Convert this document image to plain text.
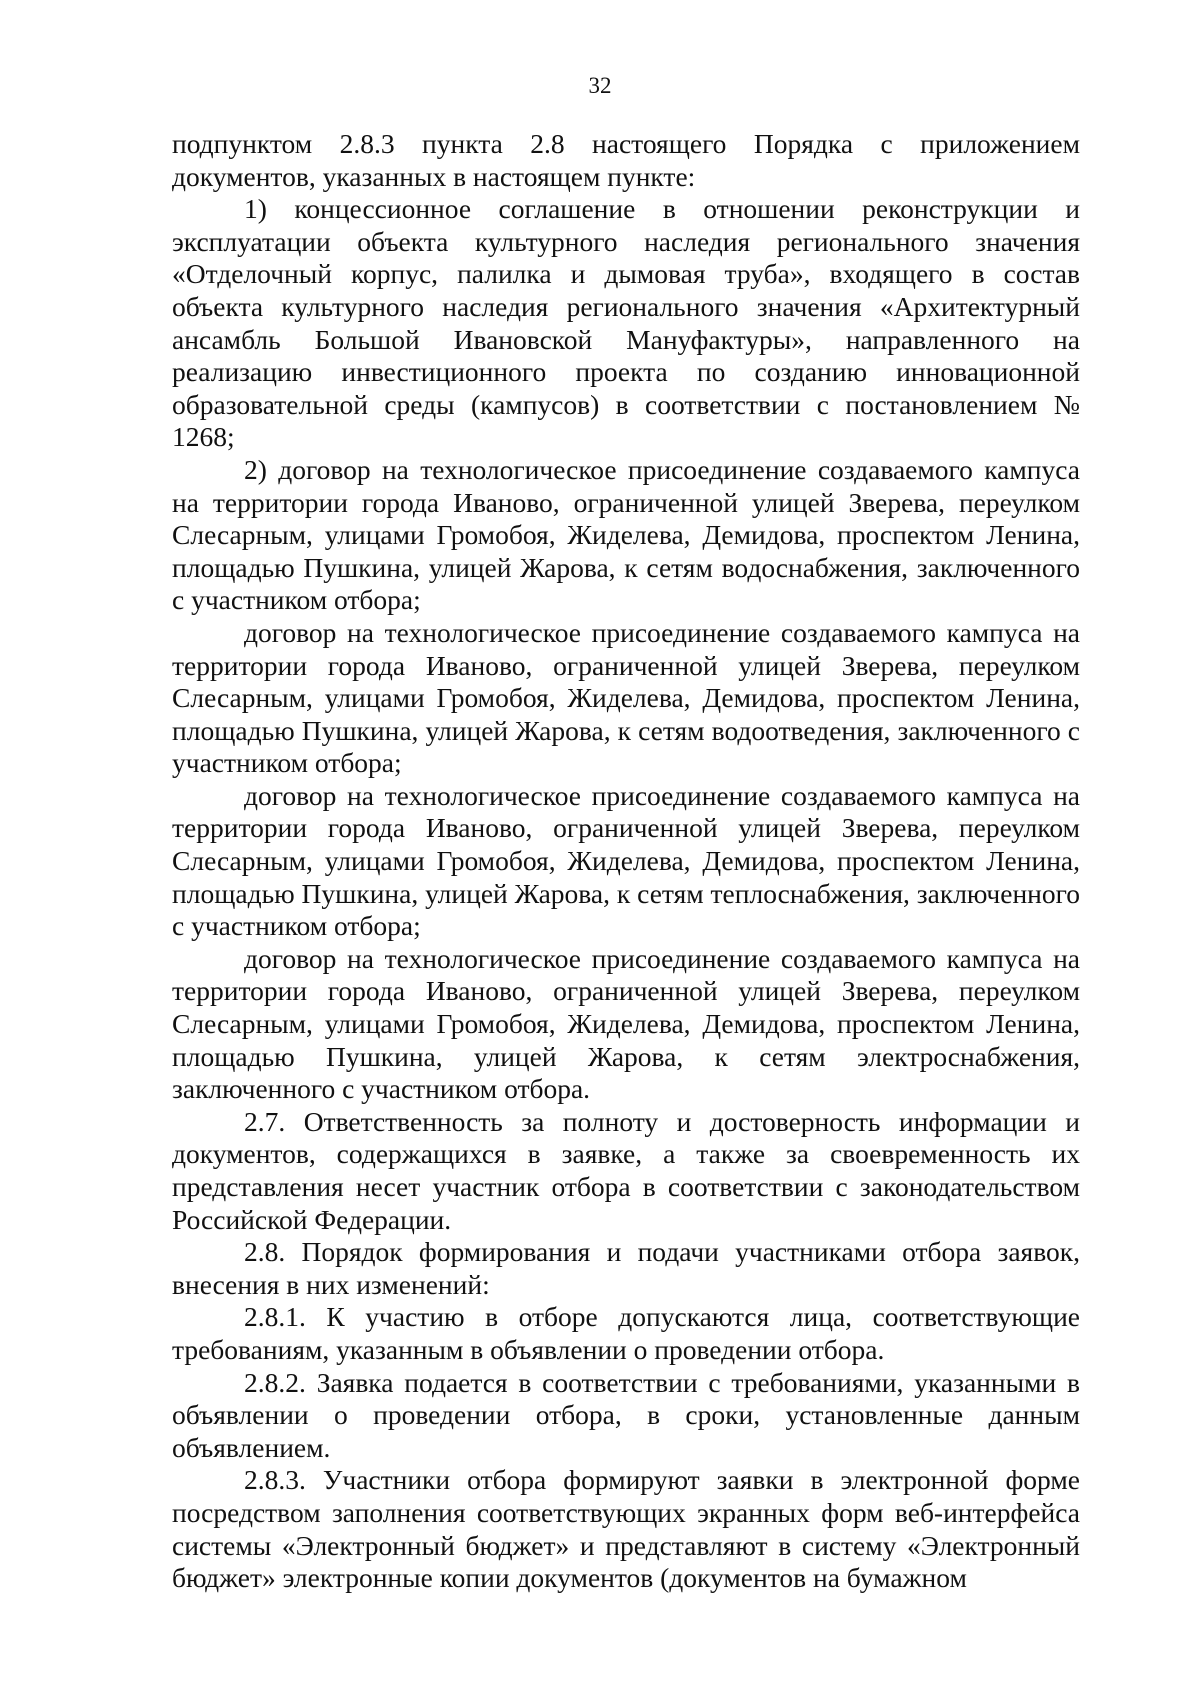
32

подпунктом 2.8.3 пункта 2.8 настоящего Порядка с приложением документов, указанных в настоящем пункте:

1) концессионное соглашение в отношении реконструкции и эксплуатации объекта культурного наследия регионального значения «Отделочный корпус, палилка и дымовая труба», входящего в состав объекта культурного наследия регионального значения «Архитектурный ансамбль Большой Ивановской Мануфактуры», направленного на реализацию инвестиционного проекта по созданию инновационной образовательной среды (кампусов) в соответствии с постановлением № 1268;

2) договор на технологическое присоединение создаваемого кампуса на территории города Иваново, ограниченной улицей Зверева, переулком Слесарным, улицами Громобоя, Жиделева, Демидова, проспектом Ленина, площадью Пушкина, улицей Жарова, к сетям водоснабжения, заключенного с участником отбора;

договор на технологическое присоединение создаваемого кампуса на территории города Иваново, ограниченной улицей Зверева, переулком Слесарным, улицами Громобоя, Жиделева, Демидова, проспектом Ленина, площадью Пушкина, улицей Жарова, к сетям водоотведения, заключенного с участником отбора;

договор на технологическое присоединение создаваемого кампуса на территории города Иваново, ограниченной улицей Зверева, переулком Слесарным, улицами Громобоя, Жиделева, Демидова, проспектом Ленина, площадью Пушкина, улицей Жарова, к сетям теплоснабжения, заключенного с участником отбора;

договор на технологическое присоединение создаваемого кампуса на территории города Иваново, ограниченной улицей Зверева, переулком Слесарным, улицами Громобоя, Жиделева, Демидова, проспектом Ленина, площадью Пушкина, улицей Жарова, к сетям электроснабжения, заключенного с участником отбора.

2.7. Ответственность за полноту и достоверность информации и документов, содержащихся в заявке, а также за своевременность их представления несет участник отбора в соответствии с законодательством Российской Федерации.

2.8. Порядок формирования и подачи участниками отбора заявок, внесения в них изменений:

2.8.1. К участию в отборе допускаются лица, соответствующие требованиям, указанным в объявлении о проведении отбора.

2.8.2. Заявка подается в соответствии с требованиями, указанными в объявлении о проведении отбора, в сроки, установленные данным объявлением.

2.8.3. Участники отбора формируют заявки в электронной форме посредством заполнения соответствующих экранных форм веб-интерфейса системы «Электронный бюджет» и представляют в систему «Электронный бюджет» электронные копии документов (документов на бумажном
